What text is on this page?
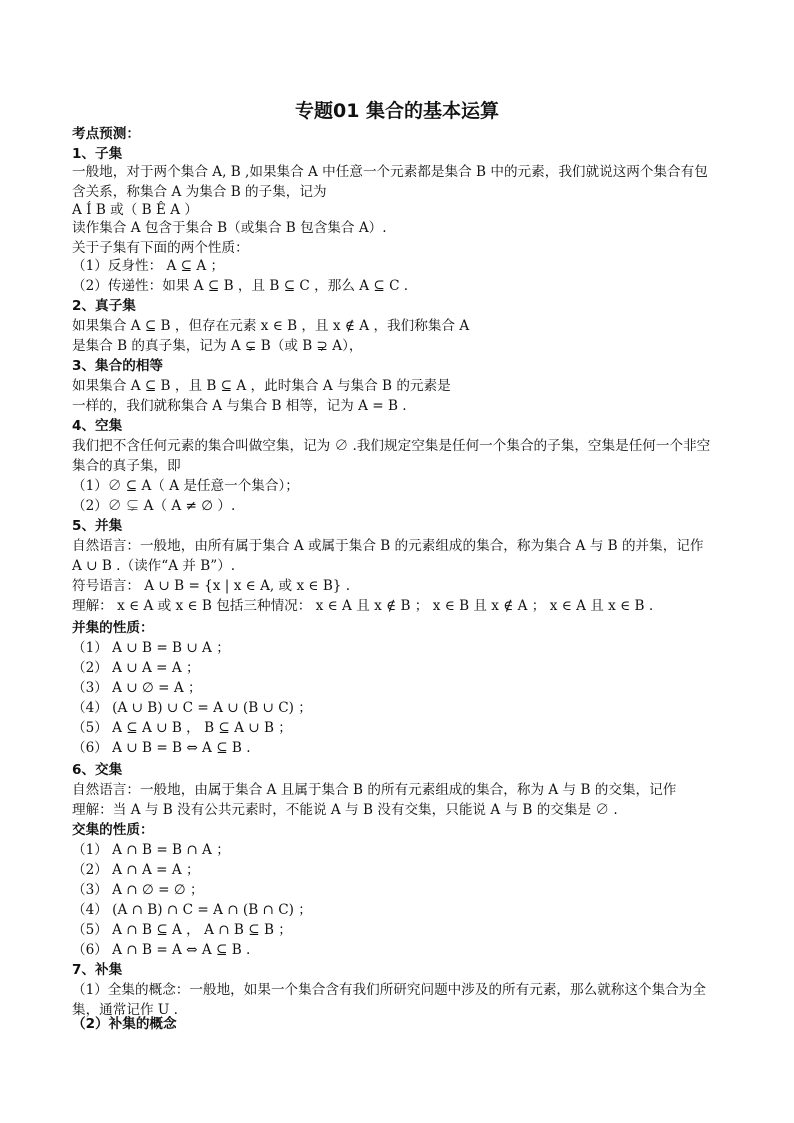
专题01 集合的基本运算
考点预测：
1、子集
一般地，对于两个集合 A, B ,如果集合 A 中任意一个元素都是集合 B 中的元素，我们就说这两个集合有包
含关系，称集合 A 为集合 B 的子集，记为
A Í B 或（ B Ê A ）
读作集合 A 包含于集合 B（或集合 B 包含集合 A）.
关于子集有下面的两个性质：
（1）反身性： A ⊆ A ；
（2）传递性：如果 A ⊆ B ，且 B ⊆ C ，那么 A ⊆ C .
2、真子集
如果集合 A ⊆ B ，但存在元素 x ∈ B ，且 x ∉ A ，我们称集合 A
是集合 B 的真子集，记为 A ⊊ B（或 B ⊋ A），
3、集合的相等
如果集合 A ⊆ B ，且 B ⊆ A ，此时集合 A 与集合 B 的元素是
一样的，我们就称集合 A 与集合 B 相等，记为 A = B .
4、空集
我们把不含任何元素的集合叫做空集，记为 ∅ .我们规定空集是任何一个集合的子集，空集是任何一个非空
集合的真子集，即
（1）∅ ⊆ A（ A 是任意一个集合）；
（2）∅ ⊊ A（ A ≠ ∅ ）.
5、并集
自然语言：一般地，由所有属于集合 A 或属于集合 B 的元素组成的集合，称为集合 A 与 B 的并集，记作
A ∪ B .（读作“A 并 B”）.
符号语言： A ∪ B = {x | x ∈ A, 或 x ∈ B} .
理解： x ∈ A 或 x ∈ B 包括三种情况： x ∈ A 且 x ∉ B ； x ∈ B 且 x ∉ A ； x ∈ A 且 x ∈ B .
并集的性质：
（1） A ∪ B = B ∪ A ；
（2） A ∪ A = A ；
（3） A ∪ ∅ = A ；
（4） (A ∪ B) ∪ C = A ∪ (B ∪ C) ；
（5） A ⊆ A ∪ B ， B ⊆ A ∪ B ；
（6） A ∪ B = B ⇔ A ⊆ B .
6、交集
自然语言：一般地，由属于集合 A 且属于集合 B 的所有元素组成的集合，称为 A 与 B 的交集，记作
理解：当 A 与 B 没有公共元素时，不能说 A 与 B 没有交集，只能说 A 与 B 的交集是 ∅ .
交集的性质：
（1） A ∩ B = B ∩ A ；
（2） A ∩ A = A ；
（3） A ∩ ∅ = ∅ ；
（4） (A ∩ B) ∩ C = A ∩ (B ∩ C) ；
（5） A ∩ B ⊆ A ， A ∩ B ⊆ B ；
（6） A ∩ B = A ⇔ A ⊆ B .
7、补集
（1）全集的概念：一般地，如果一个集合含有我们所研究问题中涉及的所有元素，那么就称这个集合为全
集，通常记作 U .
（2）补集的概念
